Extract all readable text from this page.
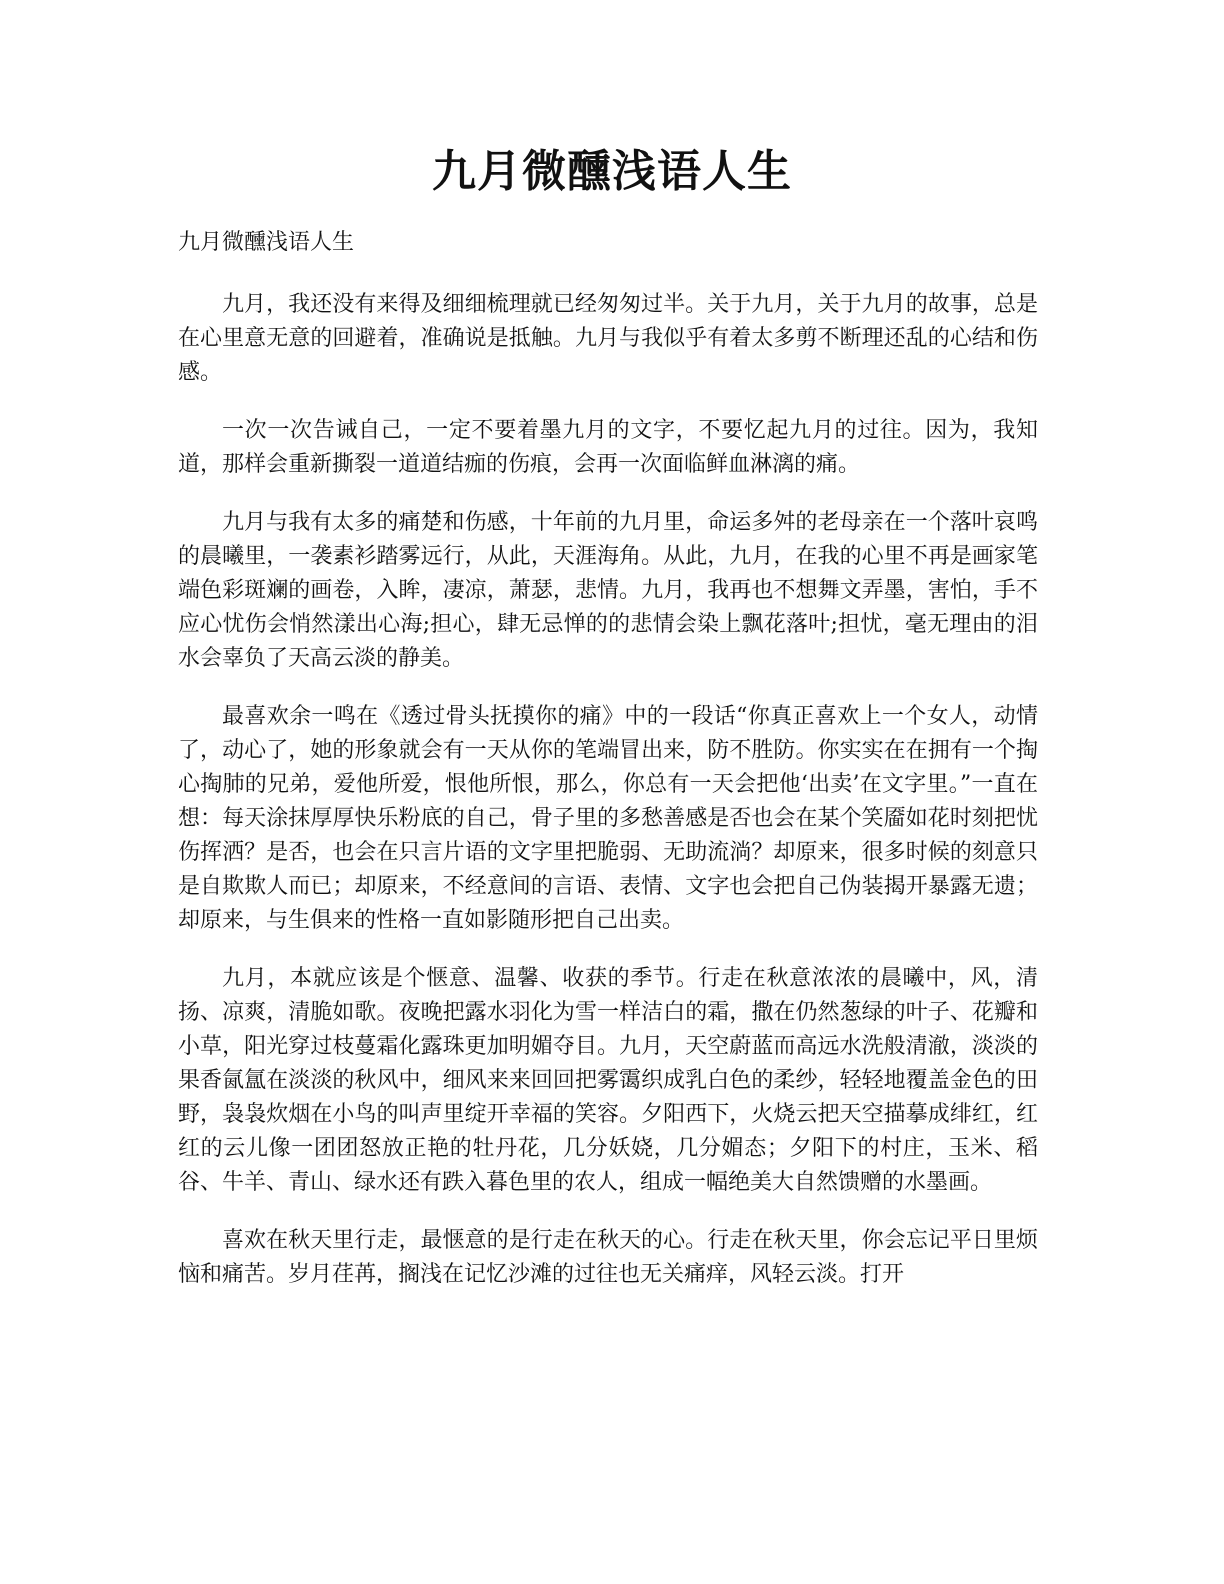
九月微醺浅语人生

九月微醺浅语人生

九月，我还没有来得及细细梳理就已经匆匆过半。关于九月，关于九月的故事，总是在心里意无意的回避着，准确说是抵触。九月与我似乎有着太多剪不断理还乱的心结和伤感。

一次一次告诫自己，一定不要着墨九月的文字，不要忆起九月的过往。因为，我知道，那样会重新撕裂一道道结痂的伤痕，会再一次面临鲜血淋漓的痛。

九月与我有太多的痛楚和伤感，十年前的九月里，命运多舛的老母亲在一个落叶哀鸣的晨曦里，一袭素衫踏雾远行，从此，天涯海角。从此，九月，在我的心里不再是画家笔端色彩斑斓的画卷，入眸，凄凉，萧瑟，悲情。九月，我再也不想舞文弄墨，害怕，手不应心忧伤会悄然漾出心海;担心，肆无忌惮的的悲情会染上飘花落叶;担忧，毫无理由的泪水会辜负了天高云淡的静美。

最喜欢余一鸣在《透过骨头抚摸你的痛》中的一段话“你真正喜欢上一个女人，动情了，动心了，她的形象就会有一天从你的笔端冒出来，防不胜防。你实实在在拥有一个掏心掏肺的兄弟，爱他所爱，恨他所恨，那么，你总有一天会把他‘出卖’在文字里。”一直在想：每天涂抹厚厚快乐粉底的自己，骨子里的多愁善感是否也会在某个笑靥如花时刻把忧伤挥洒？是否，也会在只言片语的文字里把脆弱、无助流淌？却原来，很多时候的刻意只是自欺欺人而已；却原来，不经意间的言语、表情、文字也会把自己伪装揭开暴露无遗；却原来，与生俱来的性格一直如影随形把自己出卖。

九月，本就应该是个惬意、温馨、收获的季节。行走在秋意浓浓的晨曦中，风，清扬、凉爽，清脆如歌。夜晚把露水羽化为雪一样洁白的霜，撒在仍然葱绿的叶子、花瓣和小草，阳光穿过枝蔓霜化露珠更加明媚夺目。九月，天空蔚蓝而高远水洗般清澈，淡淡的果香氤氲在淡淡的秋风中，细风来来回回把雾霭织成乳白色的柔纱，轻轻地覆盖金色的田野，袅袅炊烟在小鸟的叫声里绽开幸福的笑容。夕阳西下，火烧云把天空描摹成绯红，红红的云儿像一团团怒放正艳的牡丹花，几分妖娆，几分媚态；夕阳下的村庄，玉米、稻谷、牛羊、青山、绿水还有跌入暮色里的农人，组成一幅绝美大自然馈赠的水墨画。

喜欢在秋天里行走，最惬意的是行走在秋天的心。行走在秋天里，你会忘记平日里烦恼和痛苦。岁月荏苒，搁浅在记忆沙滩的过往也无关痛痒，风轻云淡。打开
